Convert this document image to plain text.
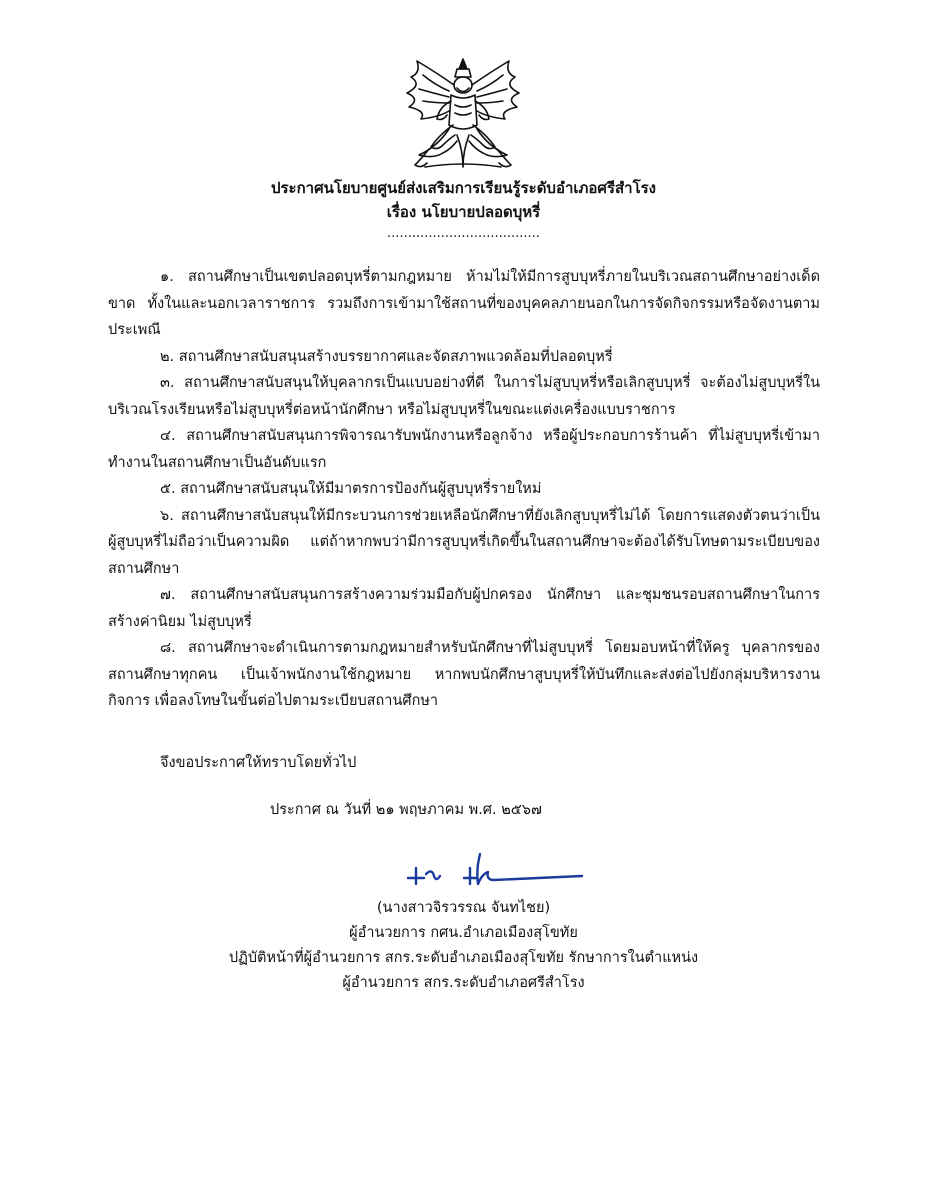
ประกาศนโยบายศูนย์ส่งเสริมการเรียนรู้ระดับอำเภอศรีสำโรง
เรื่อง นโยบายปลอดบุหรี่
.....................................

๑. สถานศึกษาเป็นเขตปลอดบุหรี่ตามกฎหมาย ห้ามไม่ให้มีการสูบบุหรี่ภายในบริเวณสถานศึกษาอย่างเด็ดขาด ทั้งในและนอกเวลาราชการ รวมถึงการเข้ามาใช้สถานที่ของบุคคลภายนอกในการจัดกิจกรรมหรือจัดงานตามประเพณี

๒. สถานศึกษาสนับสนุนสร้างบรรยากาศและจัดสภาพแวดล้อมที่ปลอดบุหรี่

๓. สถานศึกษาสนับสนุนให้บุคลากรเป็นแบบอย่างที่ดี ในการไม่สูบบุหรี่หรือเลิกสูบบุหรี่ จะต้องไม่สูบบุหรี่ในบริเวณโรงเรียนหรือไม่สูบบุหรี่ต่อหน้านักศึกษา หรือไม่สูบบุหรี่ในขณะแต่งเครื่องแบบราชการ

๔. สถานศึกษาสนับสนุนการพิจารณารับพนักงานหรือลูกจ้าง หรือผู้ประกอบการร้านค้า ที่ไม่สูบบุหรี่เข้ามาทำงานในสถานศึกษาเป็นอันดับแรก

๕. สถานศึกษาสนับสนุนให้มีมาตรการป้องกันผู้สูบบุหรี่รายใหม่

๖. สถานศึกษาสนับสนุนให้มีกระบวนการช่วยเหลือนักศึกษาที่ยังเลิกสูบบุหรี่ไม่ได้ โดยการแสดงตัวตนว่าเป็นผู้สูบบุหรี่ไม่ถือว่าเป็นความผิด แต่ถ้าหากพบว่ามีการสูบบุหรี่เกิดขึ้นในสถานศึกษาจะต้องได้รับโทษตามระเบียบของสถานศึกษา

๗. สถานศึกษาสนับสนุนการสร้างความร่วมมือกับผู้ปกครอง นักศึกษา และชุมชนรอบสถานศึกษาในการสร้างค่านิยม ไม่สูบบุหรี่

๘. สถานศึกษาจะดำเนินการตามกฎหมายสำหรับนักศึกษาที่ไม่สูบบุหรี่ โดยมอบหน้าที่ให้ครู บุคลากรของสถานศึกษาทุกคน เป็นเจ้าพนักงานใช้กฎหมาย หากพบนักศึกษาสูบบุหรี่ให้บันทึกและส่งต่อไปยังกลุ่มบริหารงานกิจการ เพื่อลงโทษในขั้นต่อไปตามระเบียบสถานศึกษา

จึงขอประกาศให้ทราบโดยทั่วไป
ประกาศ ณ วันที่ ๒๑ พฤษภาคม พ.ศ. ๒๕๖๗
(นางสาวจิรวรรณ จันทไชย)
ผู้อำนวยการ กศน.อำเภอเมืองสุโขทัย
ปฏิบัติหน้าที่ผู้อำนวยการ สกร.ระดับอำเภอเมืองสุโขทัย รักษาการในตำแหน่ง
ผู้อำนวยการ สกร.ระดับอำเภอศรีสำโรง
